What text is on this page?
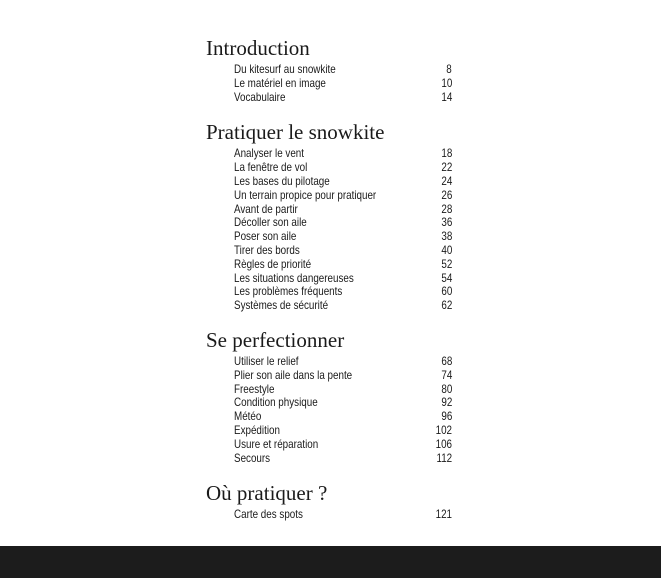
Introduction
Du kitesurf au snowkite	8
Le matériel en image	10
Vocabulaire	14
Pratiquer le snowkite
Analyser le vent	18
La fenêtre de vol	22
Les bases du pilotage	24
Un terrain propice pour pratiquer	26
Avant de partir	28
Décoller son aile	36
Poser son aile	38
Tirer des bords	40
Règles de priorité	52
Les situations dangereuses	54
Les problèmes fréquents	60
Systèmes de sécurité	62
Se perfectionner
Utiliser le relief	68
Plier son aile dans la pente	74
Freestyle	80
Condition physique	92
Météo	96
Expédition	102
Usure et réparation	106
Secours	112
Où pratiquer ?
Carte des spots	121
